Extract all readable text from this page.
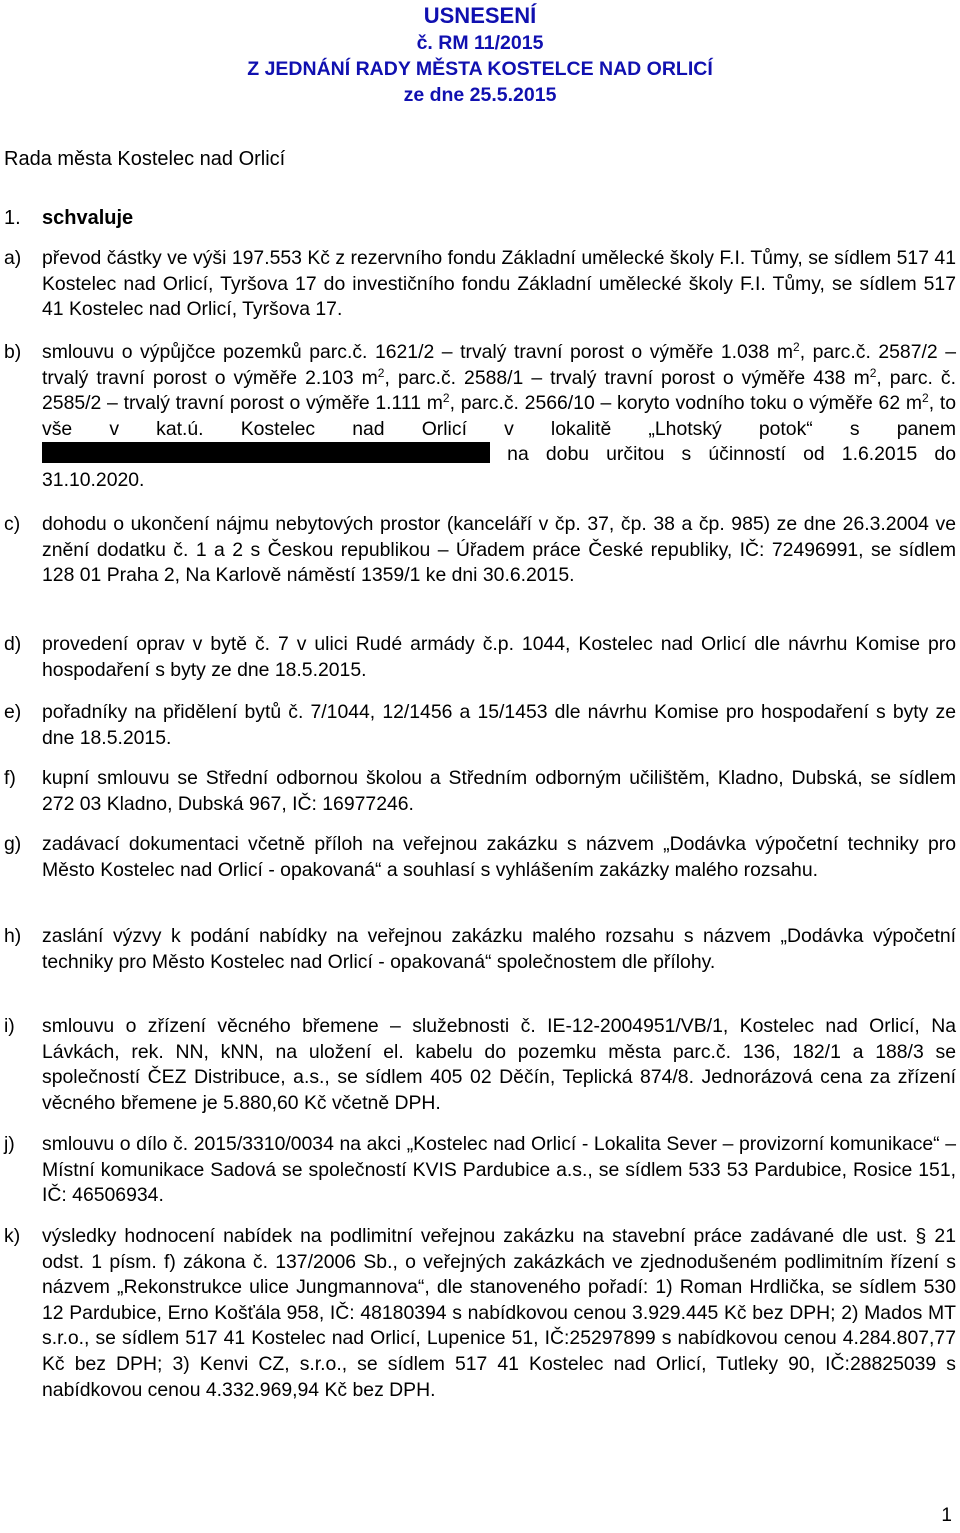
USNESENÍ
č. RM 11/2015
Z JEDNÁNÍ RADY MĚSTA KOSTELCE NAD ORLICÍ
ze dne 25.5.2015
Rada města Kostelec nad Orlicí
1. schvaluje
a) převod částky ve výši 197.553 Kč z rezervního fondu Základní umělecké školy F.I. Tůmy, se sídlem 517 41 Kostelec nad Orlicí, Tyršova 17 do investičního fondu Základní umělecké školy F.I. Tůmy, se sídlem 517 41 Kostelec nad Orlicí, Tyršova 17.
b) smlouvu o výpůjčce pozemků parc.č. 1621/2 – trvalý travní porost o výměře 1.038 $m^2$, parc.č. 2587/2 – trvalý travní porost o výměře 2.103 $m^2$, parc.č. 2588/1 – trvalý travní porost o výměře 438 $m^2$, parc. č. 2585/2 – trvalý travní porost o výměře 1.111 $m^2$, parc.č. 2566/10 – koryto vodního toku o výměře 62 $m^2$, to vše v kat.ú. Kostelec nad Orlicí v lokalitě „Lhotský potok“ s panem  na dobu určitou s účinností od 1.6.2015 do 31.10.2020.
c) dohodu o ukončení nájmu nebytových prostor (kanceláří v čp. 37, čp. 38 a čp. 985) ze dne 26.3.2004 ve znění dodatku č. 1 a 2 s Českou republikou – Úřadem práce České republiky, IČ: 72496991, se sídlem 128 01 Praha 2, Na Karlově náměstí 1359/1 ke dni 30.6.2015.
d) provedení oprav v bytě č. 7 v ulici Rudé armády č.p. 1044, Kostelec nad Orlicí dle návrhu Komise pro hospodaření s byty ze dne 18.5.2015.
e) pořadníky na přidělení bytů č. 7/1044, 12/1456 a 15/1453 dle návrhu Komise pro hospodaření s byty ze dne 18.5.2015.
f) kupní smlouvu se Střední odbornou školou a Středním odborným učilištěm, Kladno, Dubská, se sídlem 272 03 Kladno, Dubská 967, IČ: 16977246.
g) zadávací dokumentaci včetně příloh na veřejnou zakázku s názvem „Dodávka výpočetní techniky pro Město Kostelec nad Orlicí - opakovaná“ a souhlasí s vyhlášením zakázky malého rozsahu.
h) zaslání výzvy k podání nabídky na veřejnou zakázku malého rozsahu s názvem „Dodávka výpočetní techniky pro Město Kostelec nad Orlicí - opakovaná“ společnostem dle přílohy.
i) smlouvu o zřízení věcného břemene – služebnosti č. IE-12-2004951/VB/1, Kostelec nad Orlicí, Na Lávkách, rek. NN, kNN, na uložení el. kabelu do pozemku města parc.č. 136, 182/1 a 188/3 se společností ČEZ Distribuce, a.s., se sídlem 405 02 Děčín, Teplická 874/8. Jednorázová cena za zřízení věcného břemene je 5.880,60 Kč včetně DPH.
j) smlouvu o dílo č. 2015/3310/0034 na akci „Kostelec nad Orlicí - Lokalita Sever – provizorní komunikace“ – Místní komunikace Sadová se společností KVIS Pardubice a.s., se sídlem 533 53 Pardubice, Rosice 151, IČ: 46506934.
k) výsledky hodnocení nabídek na podlimitní veřejnou zakázku na stavební práce zadávané dle ust. § 21 odst. 1 písm. f) zákona č. 137/2006 Sb., o veřejných zakázkách ve zjednodušeném podlimitním řízení s názvem „Rekonstrukce ulice Jungmannova“, dle stanoveného pořadí: 1) Roman Hrdlička, se sídlem 530 12 Pardubice, Erno Košťála 958, IČ: 48180394 s nabídkovou cenou 3.929.445 Kč bez DPH; 2) Mados MT s.r.o., se sídlem 517 41 Kostelec nad Orlicí, Lupenice 51, IČ:25297899 s nabídkovou cenou 4.284.807,77 Kč bez DPH; 3) Kenvi CZ, s.r.o., se sídlem 517 41 Kostelec nad Orlicí, Tutleky 90, IČ:28825039 s nabídkovou cenou 4.332.969,94 Kč bez DPH.
1
